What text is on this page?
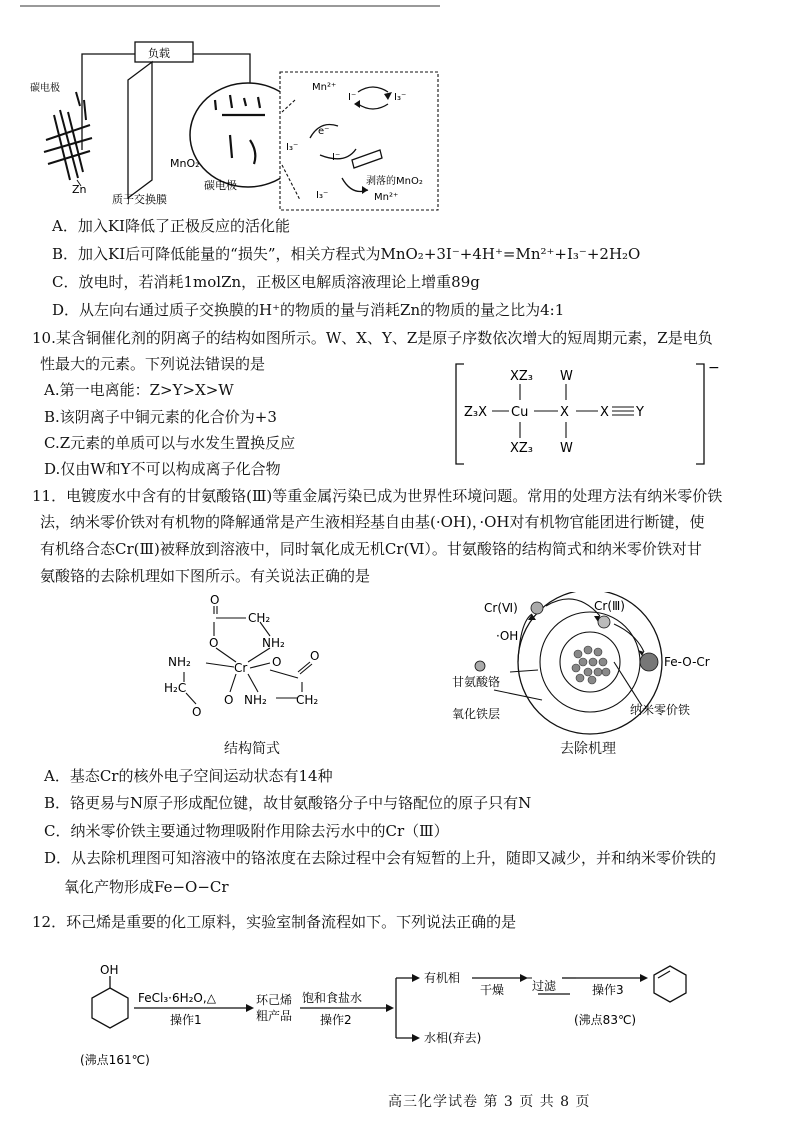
负载
碳电极
Zn
质子交换膜
MnO₂
碳电极
Mn²⁺
I⁻	I₃⁻
I₃⁻
e⁻
I⁻
I₃⁻
剥落的MnO₂
Mn²⁺
A．加入KI降低了正极反应的活化能
B．加入KI后可降低能量的“损失”，相关方程式为MnO₂+3I⁻+4H⁺=Mn²⁺+I₃⁻+2H₂O
C．放电时，若消耗1molZn，正极区电解质溶液理论上增重89g
D．从左向右通过质子交换膜的H⁺的物质的量与消耗Zn的物质的量之比为4:1
10.某含铜催化剂的阴离子的结构如图所示。W、X、Y、Z是原子序数依次增大的短周期元素，Z是电负
性最大的元素。下列说法错误的是
A.第一电离能：Z>Y>X>W
B.该阴离子中铜元素的化合价为+3
C.Z元素的单质可以与水发生置换反应
D.仅由W和Y不可以构成离子化合物
XZ₃ W
Z₃X Cu X X Y
XZ₃ W
−
11．电镀废水中含有的甘氨酸铬(Ⅲ)等重金属污染已成为世界性环境问题。常用的处理方法有纳米零价铁
法，纳米零价铁对有机物的降解通常是产生液相羟基自由基(·OH)，·OH对有机物官能团进行断键，使
有机络合态Cr(Ⅲ)被释放到溶液中，同时氧化成无机Cr(Ⅵ）。甘氨酸铬的结构简式和纳米零价铁对甘
氨酸铬的去除机理如下图所示。有关说法正确的是
O
CH₂
O	NH₂
NH₂	Cr O O
H₂C
O NH₂ CH₂
O
结构简式
Cr(Ⅵ)	Cr(Ⅲ)
·OH
甘氨酸铬
Fe-O-Cr
氧化铁层	纳米零价铁
去除机理
A．基态Cr的核外电子空间运动状态有14种
B．铬更易与N原子形成配位键，故甘氨酸铬分子中与铬配位的原子只有N
C．纳米零价铁主要通过物理吸附作用除去污水中的Cr（Ⅲ）
D．从去除机理图可知溶液中的铬浓度在去除过程中会有短暂的上升，随即又减少，并和纳米零价铁的
氧化产物形成Fe−O−Cr
12．环己烯是重要的化工原料，实验室制备流程如下。下列说法正确的是
OH
(沸点161℃)
FeCl₃·6H₂O,△
操作1
环己烯
粗产品
饱和食盐水
操作2
有机相
水相(弃去)
干燥 过滤	操作3
(沸点83℃)
高三化学试卷 第 3 页 共 8 页
